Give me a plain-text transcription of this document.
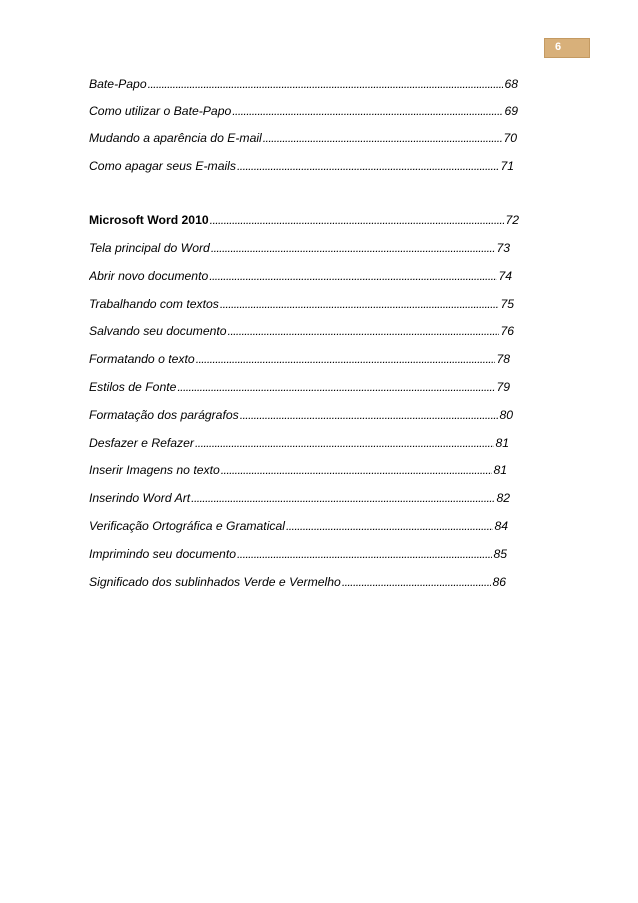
6
Bate-Papo .....	68
Como utilizar o Bate-Papo .....	69
Mudando a aparência do E-mail .....	70
Como apagar seus E-mails .....	71
Microsoft Word 2010 .....	72
Tela principal do Word .....	73
Abrir novo documento .....	74
Trabalhando com textos .....	75
Salvando seu documento .....	76
Formatando o texto .....	78
Estilos de Fonte .....	79
Formatação dos parágrafos .....	80
Desfazer e Refazer .....	81
Inserir Imagens no texto .....	81
Inserindo Word Art .....	82
Verificação Ortográfica e Gramatical .....	84
Imprimindo seu documento .....	85
Significado dos sublinhados Verde e Vermelho .....	86
